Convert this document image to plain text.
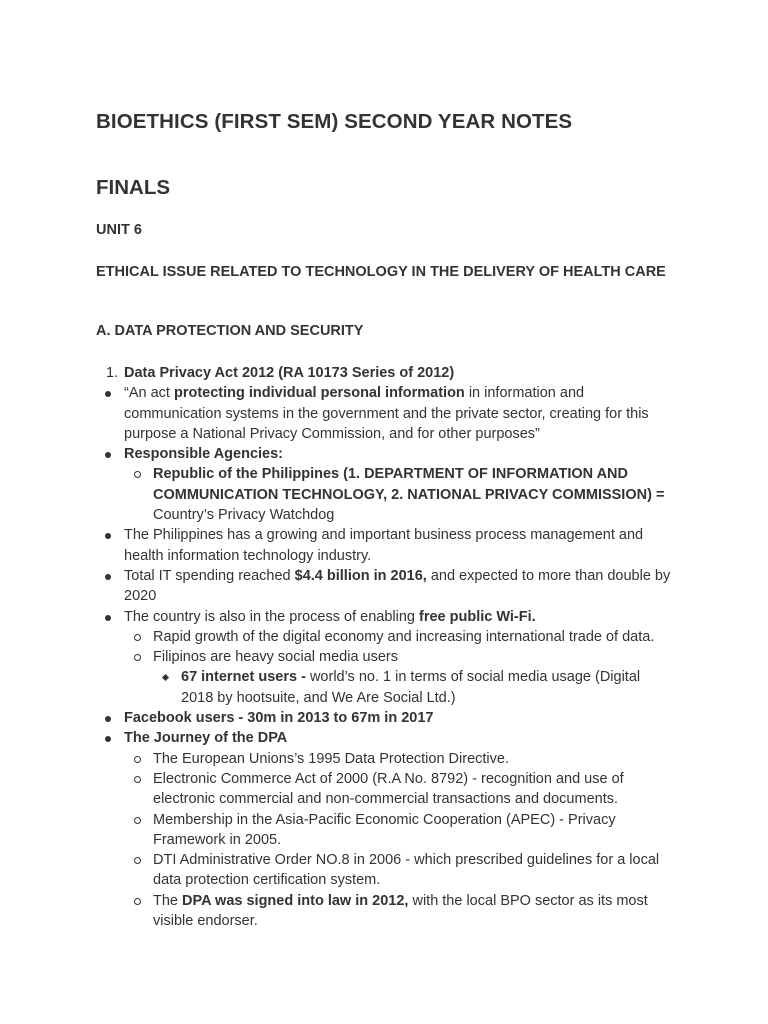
BIOETHICS (FIRST SEM) SECOND YEAR NOTES
FINALS
UNIT 6
ETHICAL ISSUE RELATED TO TECHNOLOGY IN THE DELIVERY OF HEALTH CARE
A. DATA PROTECTION AND SECURITY
1. Data Privacy Act 2012 (RA 10173 Series of 2012)
“An act protecting individual personal information in information and communication systems in the government and the private sector, creating for this purpose a National Privacy Commission, and for other purposes”
Responsible Agencies:
Republic of the Philippines (1. DEPARTMENT OF INFORMATION AND COMMUNICATION TECHNOLOGY, 2. NATIONAL PRIVACY COMMISSION) = Country’s Privacy Watchdog
The Philippines has a growing and important business process management and health information technology industry.
Total IT spending reached $4.4 billion in 2016, and expected to more than double by 2020
The country is also in the process of enabling free public Wi-Fi.
Rapid growth of the digital economy and increasing international trade of data.
Filipinos are heavy social media users
67 internet users - world’s no. 1 in terms of social media usage (Digital 2018 by hootsuite, and We Are Social Ltd.)
Facebook users - 30m in 2013 to 67m in 2017
The Journey of the DPA
The European Unions’s 1995 Data Protection Directive.
Electronic Commerce Act of 2000 (R.A No. 8792) - recognition and use of electronic commercial and non-commercial transactions and documents.
Membership in the Asia-Pacific Economic Cooperation (APEC) - Privacy Framework in 2005.
DTI Administrative Order NO.8 in 2006 - which prescribed guidelines for a local data protection certification system.
The DPA was signed into law in 2012, with the local BPO sector as its most visible endorser.
